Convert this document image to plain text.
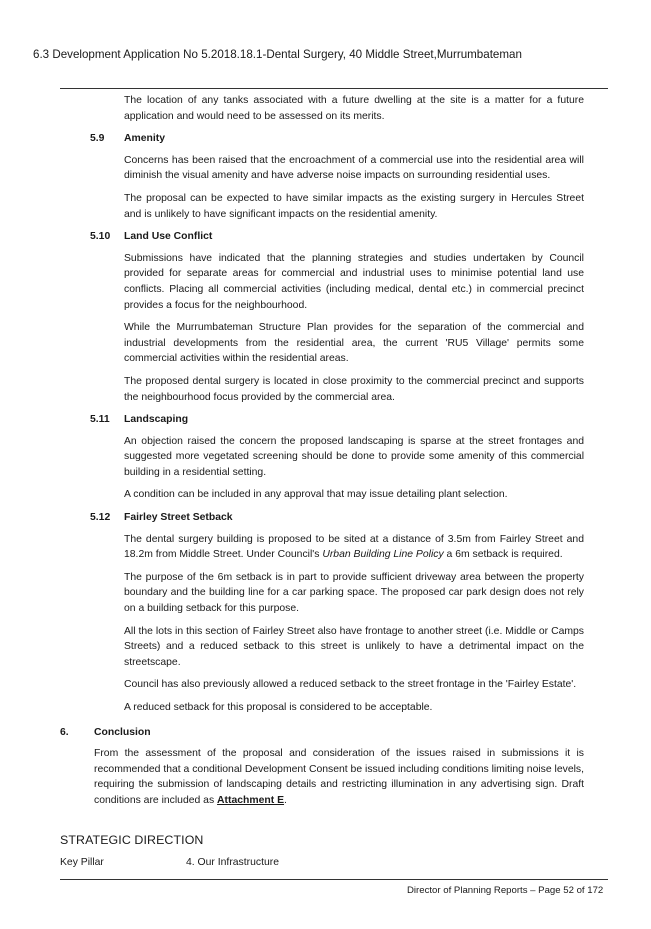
6.3 Development Application No 5.2018.18.1-Dental Surgery, 40 Middle Street,Murrumbateman

The location of any tanks associated with a future dwelling at the site is a matter for a future application and would need to be assessed on its merits.

5.9 Amenity

Concerns has been raised that the encroachment of a commercial use into the residential area will diminish the visual amenity and have adverse noise impacts on surrounding residential uses.

The proposal can be expected to have similar impacts as the existing surgery in Hercules Street and is unlikely to have significant impacts on the residential amenity.

5.10 Land Use Conflict

Submissions have indicated that the planning strategies and studies undertaken by Council provided for separate areas for commercial and industrial uses to minimise potential land use conflicts. Placing all commercial activities (including medical, dental etc.) in commercial precinct provides a focus for the neighbourhood.

While the Murrumbateman Structure Plan provides for the separation of the commercial and industrial developments from the residential area, the current 'RU5 Village' permits some commercial activities within the residential areas.

The proposed dental surgery is located in close proximity to the commercial precinct and supports the neighbourhood focus provided by the commercial area.

5.11 Landscaping

An objection raised the concern the proposed landscaping is sparse at the street frontages and suggested more vegetated screening should be done to provide some amenity of this commercial building in a residential setting.

A condition can be included in any approval that may issue detailing plant selection.

5.12 Fairley Street Setback

The dental surgery building is proposed to be sited at a distance of 3.5m from Fairley Street and 18.2m from Middle Street. Under Council's Urban Building Line Policy a 6m setback is required.

The purpose of the 6m setback is in part to provide sufficient driveway area between the property boundary and the building line for a car parking space. The proposed car park design does not rely on a building setback for this purpose.

All the lots in this section of Fairley Street also have frontage to another street (i.e. Middle or Camps Streets) and a reduced setback to this street is unlikely to have a detrimental impact on the streetscape.

Council has also previously allowed a reduced setback to the street frontage in the 'Fairley Estate'.

A reduced setback for this proposal is considered to be acceptable.

6. Conclusion

From the assessment of the proposal and consideration of the issues raised in submissions it is recommended that a conditional Development Consent be issued including conditions limiting noise levels, requiring the submission of landscaping details and restricting illumination in any advertising sign. Draft conditions are included as Attachment E.

STRATEGIC DIRECTION
Key Pillar	4. Our Infrastructure
Director of Planning Reports – Page 52 of 172
